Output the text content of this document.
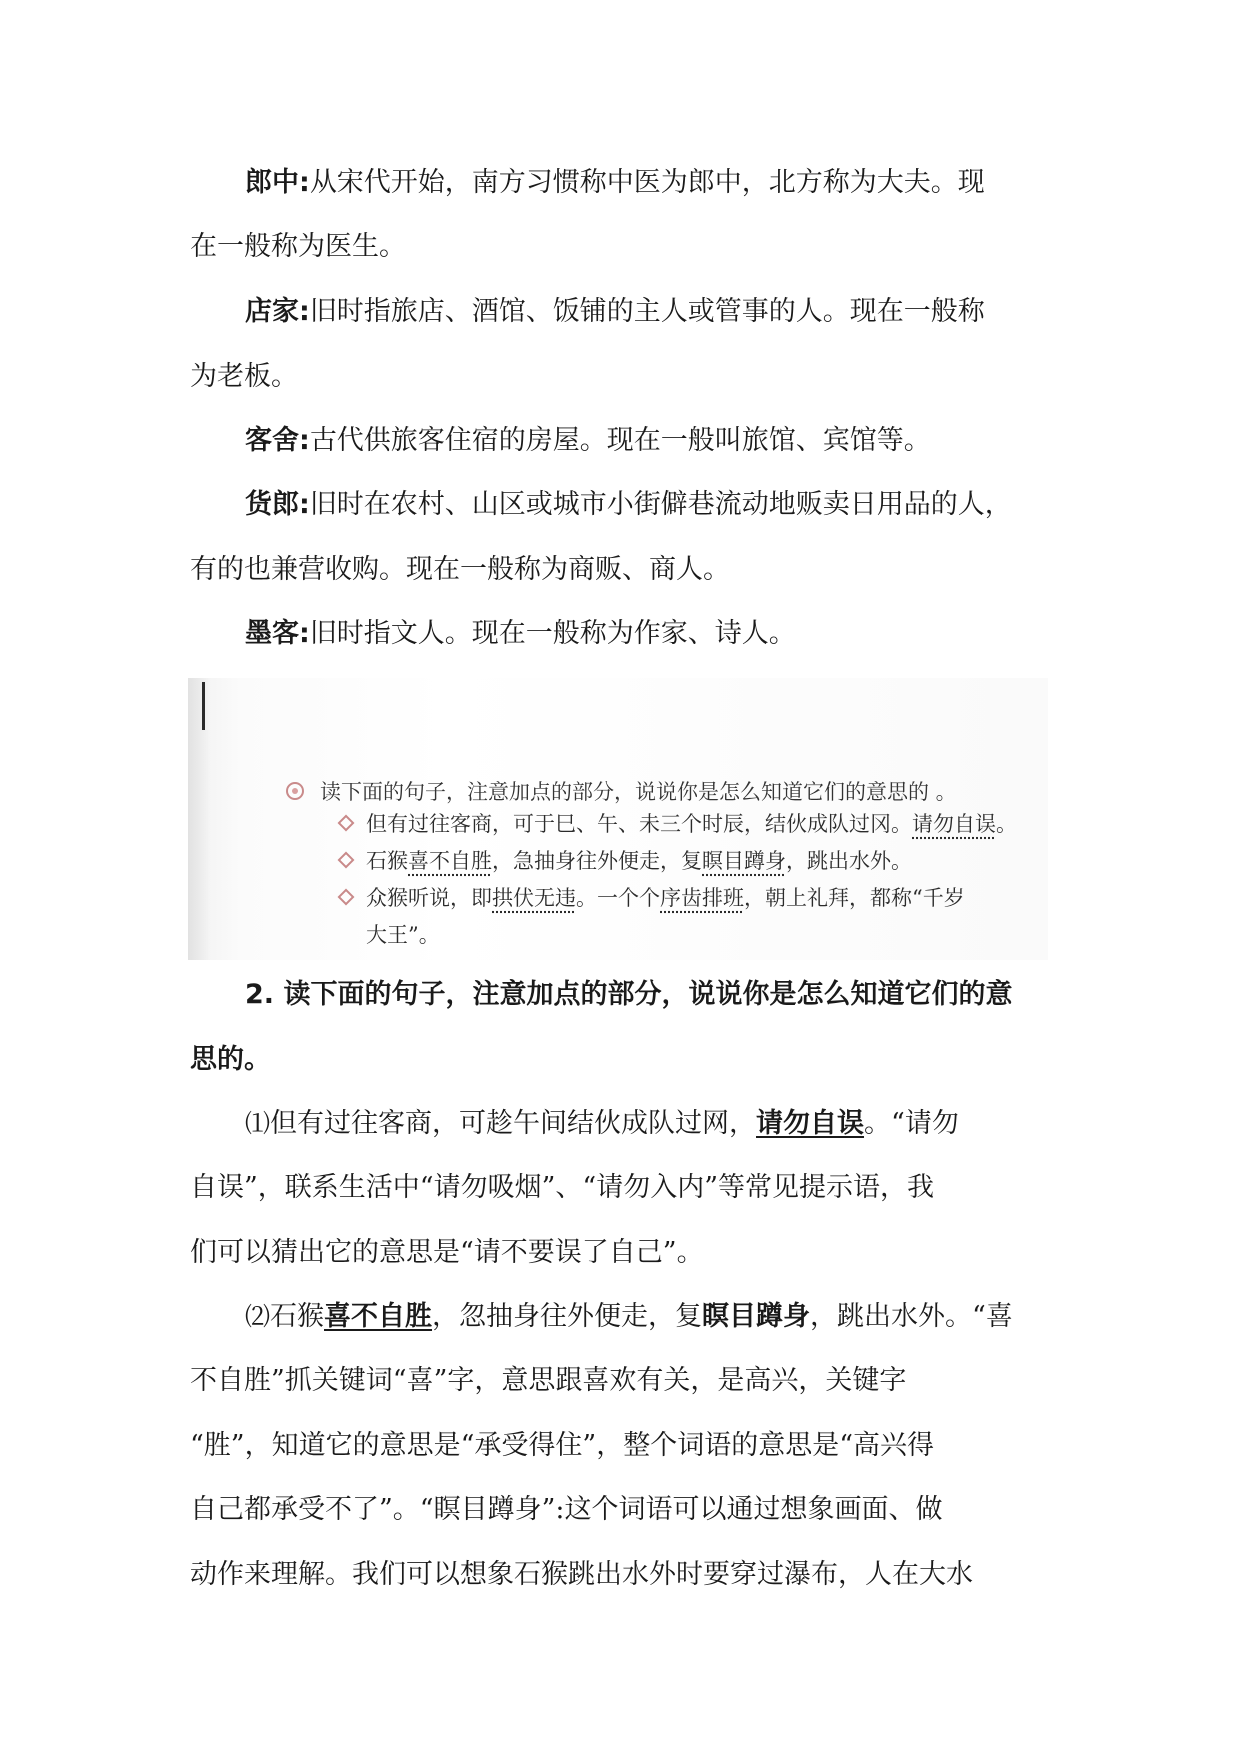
郎中:从宋代开始，南方习惯称中医为郎中，北方称为大夫。现
在一般称为医生。
店家:旧时指旅店、酒馆、饭铺的主人或管事的人。现在一般称
为老板。
客舍:古代供旅客住宿的房屋。现在一般叫旅馆、宾馆等。
货郎:旧时在农村、山区或城市小街僻巷流动地贩卖日用品的人，
有的也兼营收购。现在一般称为商贩、商人。
墨客:旧时指文人。现在一般称为作家、诗人。
读下面的句子，注意加点的部分，说说你是怎么知道它们的意思的 。
但有过往客商，可于巳、午、未三个时辰，结伙成队过冈。请勿自误。
石猴喜不自胜，急抽身往外便走，复瞑目蹲身，跳出水外。
众猴听说，即拱伏无违。一个个序齿排班，朝上礼拜，都称“千岁
大王”。
2. 读下面的句子，注意加点的部分，说说你是怎么知道它们的意
思的。
⑴但有过往客商，可趁午间结伙成队过网，请勿自误。“请勿
自误”，联系生活中“请勿吸烟”、“请勿入内”等常见提示语，我
们可以猜出它的意思是“请不要误了自己”。
⑵石猴喜不自胜，忽抽身往外便走，复瞑目蹲身，跳出水外。“喜
不自胜”抓关键词“喜”字，意思跟喜欢有关，是高兴，关键字
“胜”，知道它的意思是“承受得住”，整个词语的意思是“高兴得
自己都承受不了”。“瞑目蹲身”:这个词语可以通过想象画面、做
动作来理解。我们可以想象石猴跳出水外时要穿过瀑布，人在大水
